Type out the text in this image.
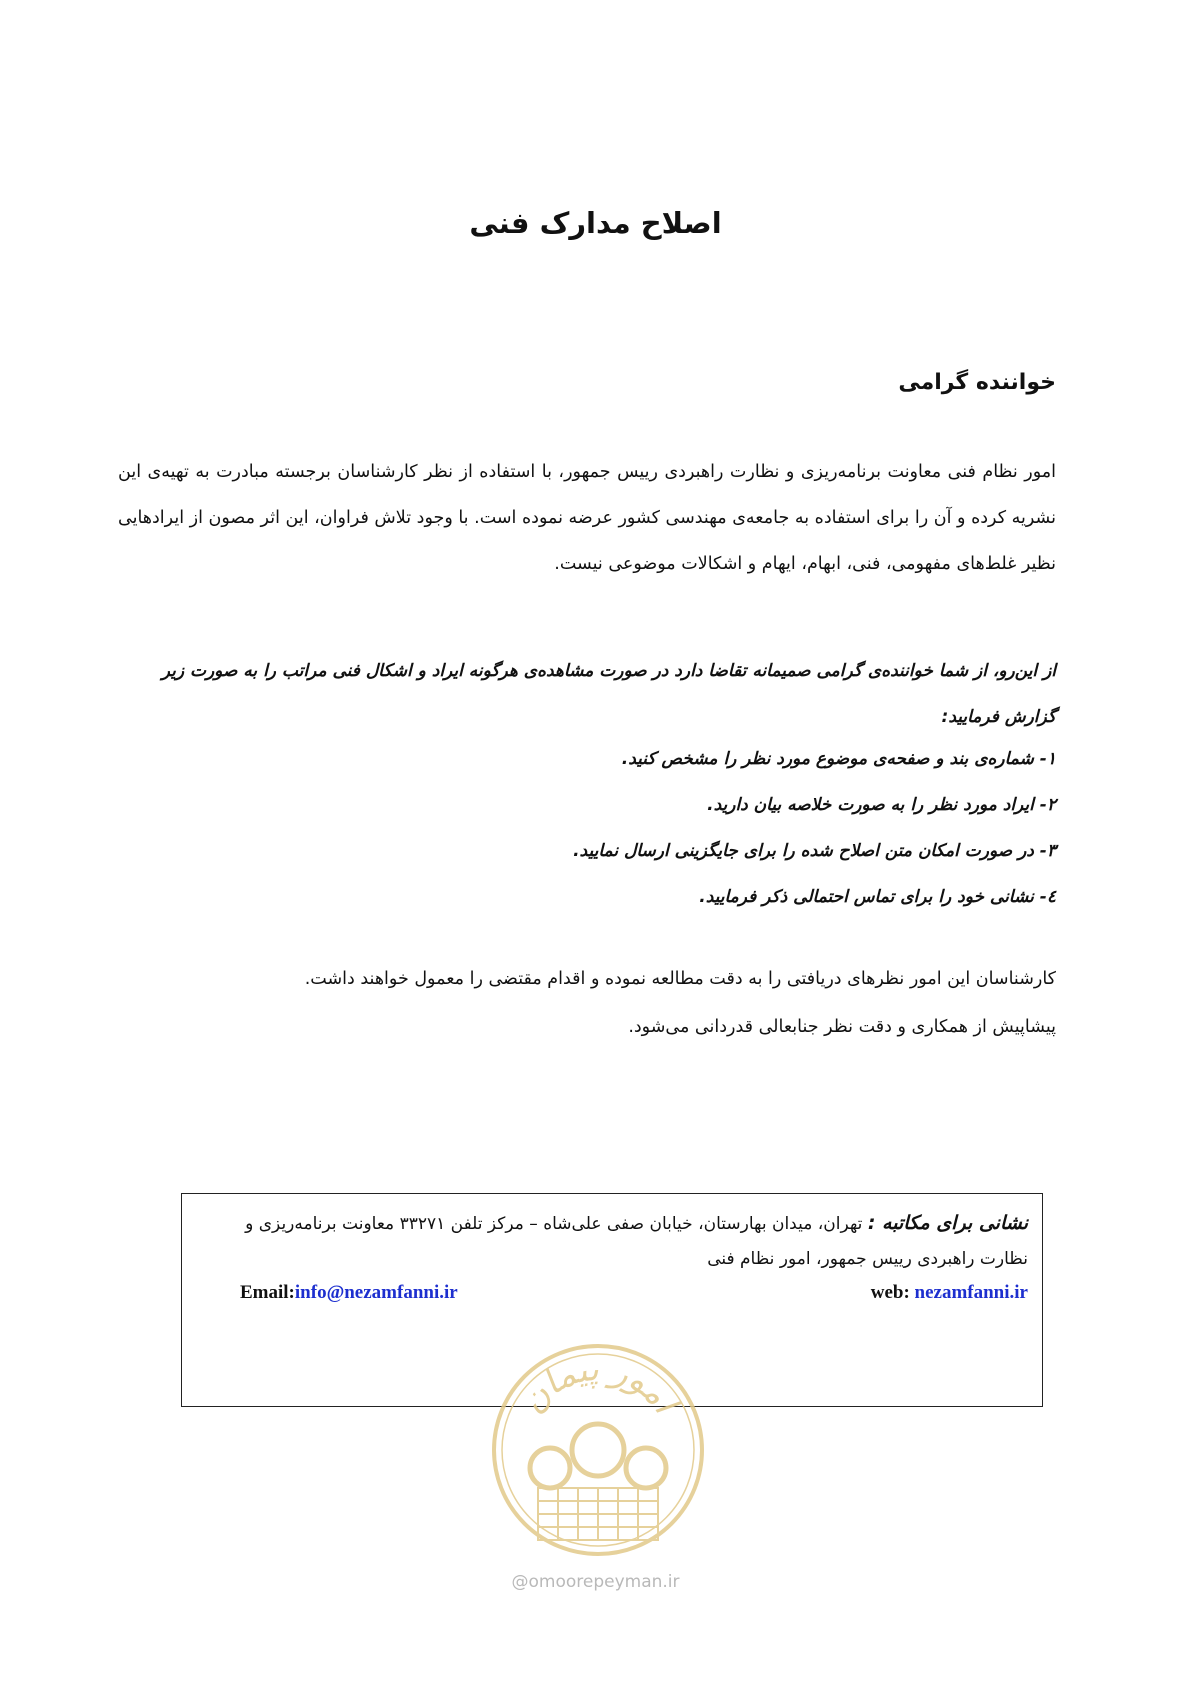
اصلاح مدارک فنی
خواننده گرامی

امور نظام فنی معاونت برنامه‌ریزی و نظارت راهبردی رییس جمهور، با استفاده از نظر کارشناسان برجسته مبادرت به تهیه‌ی این نشریه کرده و آن را برای استفاده به جامعه‌ی مهندسی کشور عرضه نموده است. با وجود تلاش فراوان، این اثر مصون از ایرادهایی نظیر غلط‌های مفهومی، فنی، ابهام، ایهام و اشکالات موضوعی نیست.

از این‌رو، از شما خواننده‌ی گرامی صمیمانه تقاضا دارد در صورت مشاهده‌ی هرگونه ایراد و اشکال فنی مراتب را به صورت زیر گزارش فرمایید:

۱- شماره‌ی بند و صفحه‌ی موضوع مورد نظر را مشخص کنید.
۲- ایراد مورد نظر را به صورت خلاصه بیان دارید.
۳- در صورت امکان متن اصلاح شده را برای جایگزینی ارسال نمایید.
٤- نشانی خود را برای تماس احتمالی ذکر فرمایید.

کارشناسان این امور نظرهای دریافتی را به دقت مطالعه نموده و اقدام مقتضی را معمول خواهند داشت.

پیشاپیش از همکاری و دقت نظر جنابعالی قدردانی می‌شود.

نشانی برای مکاتبه : تهران، میدان بهارستان، خیابان صفی علی‌شاه – مرکز تلفن ۳۳۲۷۱ معاونت برنامه‌ریزی و نظارت راهبردی رییس جمهور، امور نظام فنی

Email:info@nezamfanni.ir	web: nezamfanni.ir
امور پیمان
@omoorepeyman.ir
